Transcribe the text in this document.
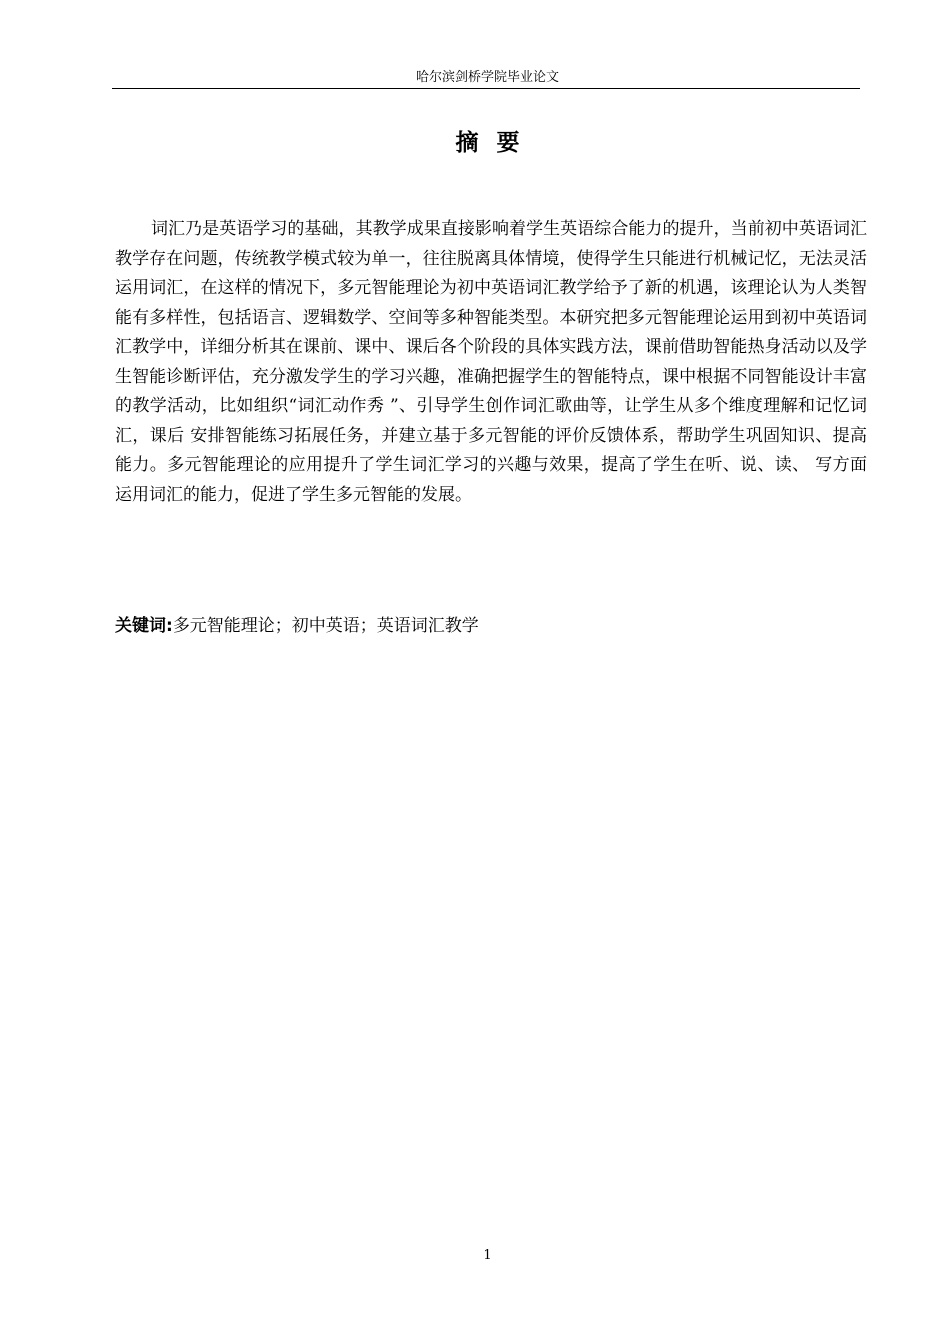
哈尔滨剑桥学院毕业论文
摘要

词汇乃是英语学习的基础，其教学成果直接影响着学生英语综合能力的提升，当前初中英语词汇教学存在问题，传统教学模式较为单一，往往脱离具体情境，使得学生只能进行机械记忆，无法灵活运用词汇，在这样的情况下，多元智能理论为初中英语词汇教学给予了新的机遇，该理论认为人类智能有多样性，包括语言、逻辑数学、空间等多种智能类型。本研究把多元智能理论运用到初中英语词汇教学中，详细分析其在课前、课中、课后各个阶段的具体实践方法，课前借助智能热身活动以及学生智能诊断评估，充分激发学生的学习兴趣，准确把握学生的智能特点，课中根据不同智能设计丰富的教学活动，比如组织“词汇动作秀 ”、引导学生创作词汇歌曲等，让学生从多个维度理解和记忆词汇，课后 安排智能练习拓展任务，并建立基于多元智能的评价反馈体系，帮助学生巩固知识、提高 能力。多元智能理论的应用提升了学生词汇学习的兴趣与效果，提高了学生在听、说、读、 写方面运用词汇的能力，促进了学生多元智能的发展。

关键词:多元智能理论；初中英语；英语词汇教学
1
